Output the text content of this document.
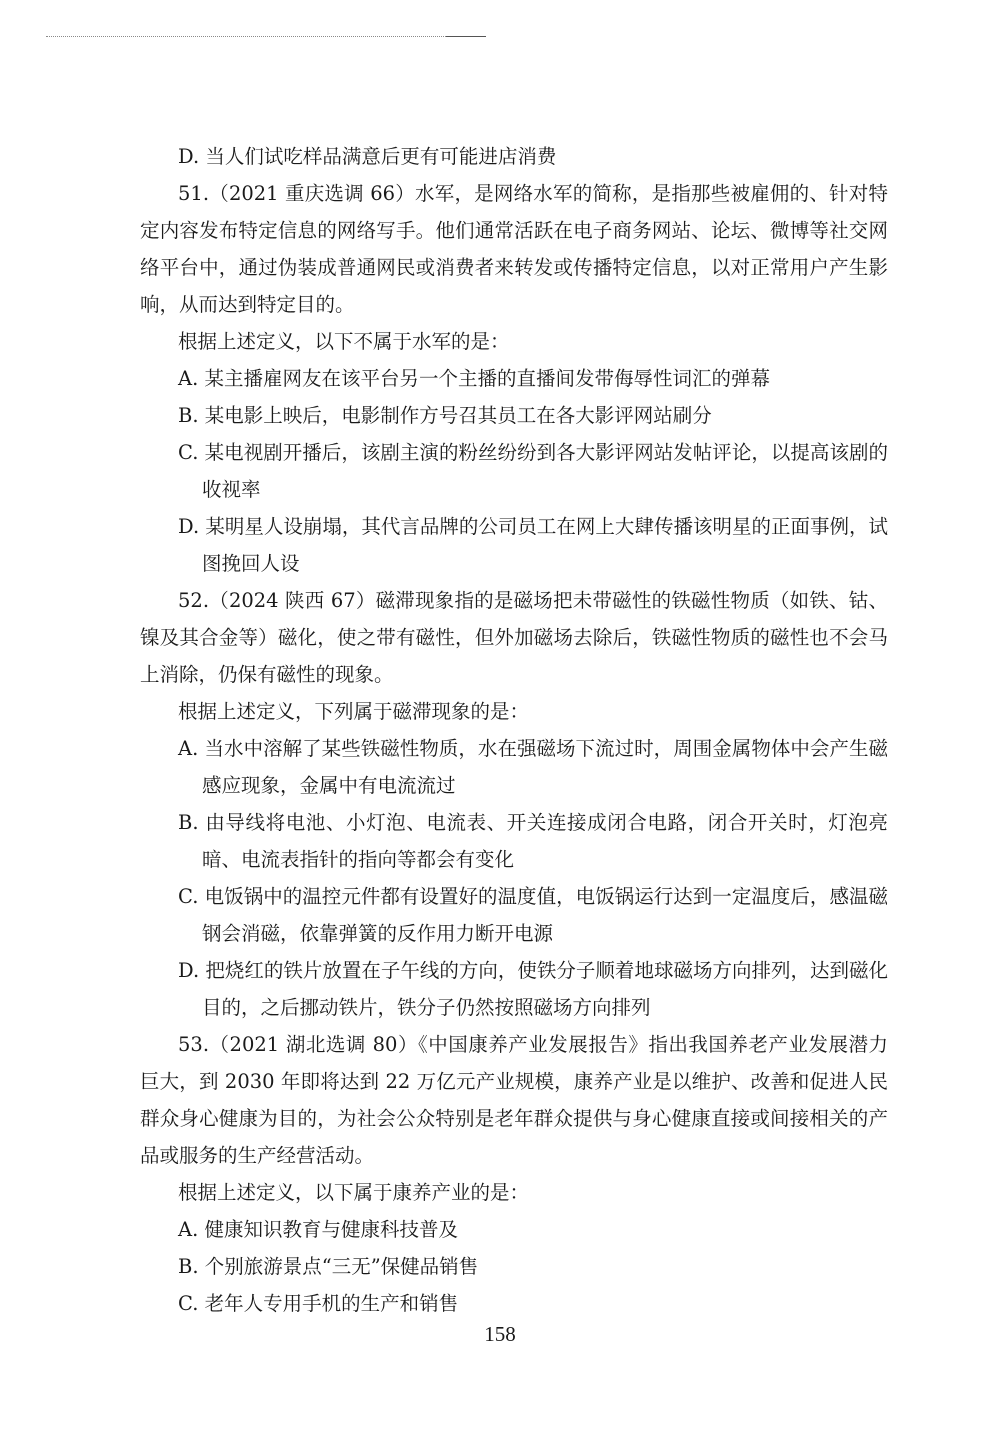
D. 当人们试吃样品满意后更有可能进店消费

51.（2021 重庆选调 66）水军，是网络水军的简称，是指那些被雇佣的、针对特定内容发布特定信息的网络写手。他们通常活跃在电子商务网站、论坛、微博等社交网络平台中，通过伪装成普通网民或消费者来转发或传播特定信息，以对正常用户产生影响，从而达到特定目的。

根据上述定义，以下不属于水军的是：
A. 某主播雇网友在该平台另一个主播的直播间发带侮辱性词汇的弹幕
B. 某电影上映后，电影制作方号召其员工在各大影评网站刷分
C. 某电视剧开播后，该剧主演的粉丝纷纷到各大影评网站发帖评论，以提高该剧的收视率
D. 某明星人设崩塌，其代言品牌的公司员工在网上大肆传播该明星的正面事例，试图挽回人设

52.（2024 陕西 67）磁滞现象指的是磁场把未带磁性的铁磁性物质（如铁、钴、镍及其合金等）磁化，使之带有磁性，但外加磁场去除后，铁磁性物质的磁性也不会马上消除，仍保有磁性的现象。

根据上述定义，下列属于磁滞现象的是：
A. 当水中溶解了某些铁磁性物质，水在强磁场下流过时，周围金属物体中会产生磁感应现象，金属中有电流流过
B. 由导线将电池、小灯泡、电流表、开关连接成闭合电路，闭合开关时，灯泡亮暗、电流表指针的指向等都会有变化
C. 电饭锅中的温控元件都有设置好的温度值，电饭锅运行达到一定温度后，感温磁钢会消磁，依靠弹簧的反作用力断开电源
D. 把烧红的铁片放置在子午线的方向，使铁分子顺着地球磁场方向排列，达到磁化目的，之后挪动铁片，铁分子仍然按照磁场方向排列

53.（2021 湖北选调 80）《中国康养产业发展报告》指出我国养老产业发展潜力巨大，到 2030 年即将达到 22 万亿元产业规模，康养产业是以维护、改善和促进人民群众身心健康为目的，为社会公众特别是老年群众提供与身心健康直接或间接相关的产品或服务的生产经营活动。

根据上述定义，以下属于康养产业的是：
A. 健康知识教育与健康科技普及
B. 个别旅游景点“三无”保健品销售
C. 老年人专用手机的生产和销售
158
